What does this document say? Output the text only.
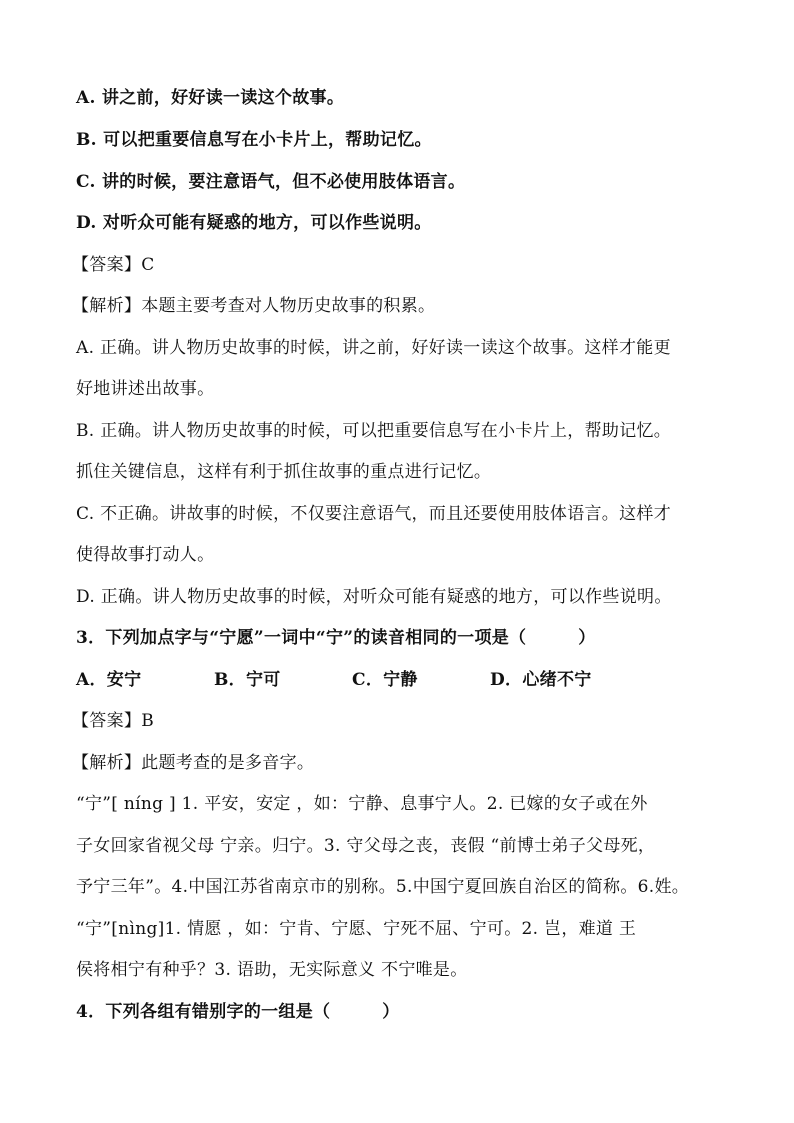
A. 讲之前，好好读一读这个故事。
B. 可以把重要信息写在小卡片上，帮助记忆。
C. 讲的时候，要注意语气，但不必使用肢体语言。
D. 对听众可能有疑惑的地方，可以作些说明。
【答案】C
【解析】本题主要考查对人物历史故事的积累。
A. 正确。讲人物历史故事的时候，讲之前，好好读一读这个故事。这样才能更
好地讲述出故事。
B. 正确。讲人物历史故事的时候，可以把重要信息写在小卡片上，帮助记忆。
抓住关键信息，这样有利于抓住故事的重点进行记忆。
C. 不正确。讲故事的时候，不仅要注意语气，而且还要使用肢体语言。这样才
使得故事打动人。
D. 正确。讲人物历史故事的时候，对听众可能有疑惑的地方，可以作些说明。
3．下列加点字与“宁愿”一词中“宁”的读音相同的一项是（　　　）
A．安宁	B．宁可	C．宁静	D．心绪不宁
【答案】B
【解析】此题考查的是多音字。
“宁”[ níng ] 1. 平安，安定 ，如：宁静、息事宁人。2. 已嫁的女子或在外
子女回家省视父母 宁亲。归宁。3. 守父母之丧，丧假 “前博士弟子父母死，
予宁三年”。4.中国江苏省南京市的别称。5.中国宁夏回族自治区的简称。6.姓。
“宁”[nìng]1. 情愿 ，如：宁肯、宁愿、宁死不屈、宁可。2. 岂，难道 王
侯将相宁有种乎？3. 语助，无实际意义 不宁唯是。
4．下列各组有错别字的一组是（　　　）
